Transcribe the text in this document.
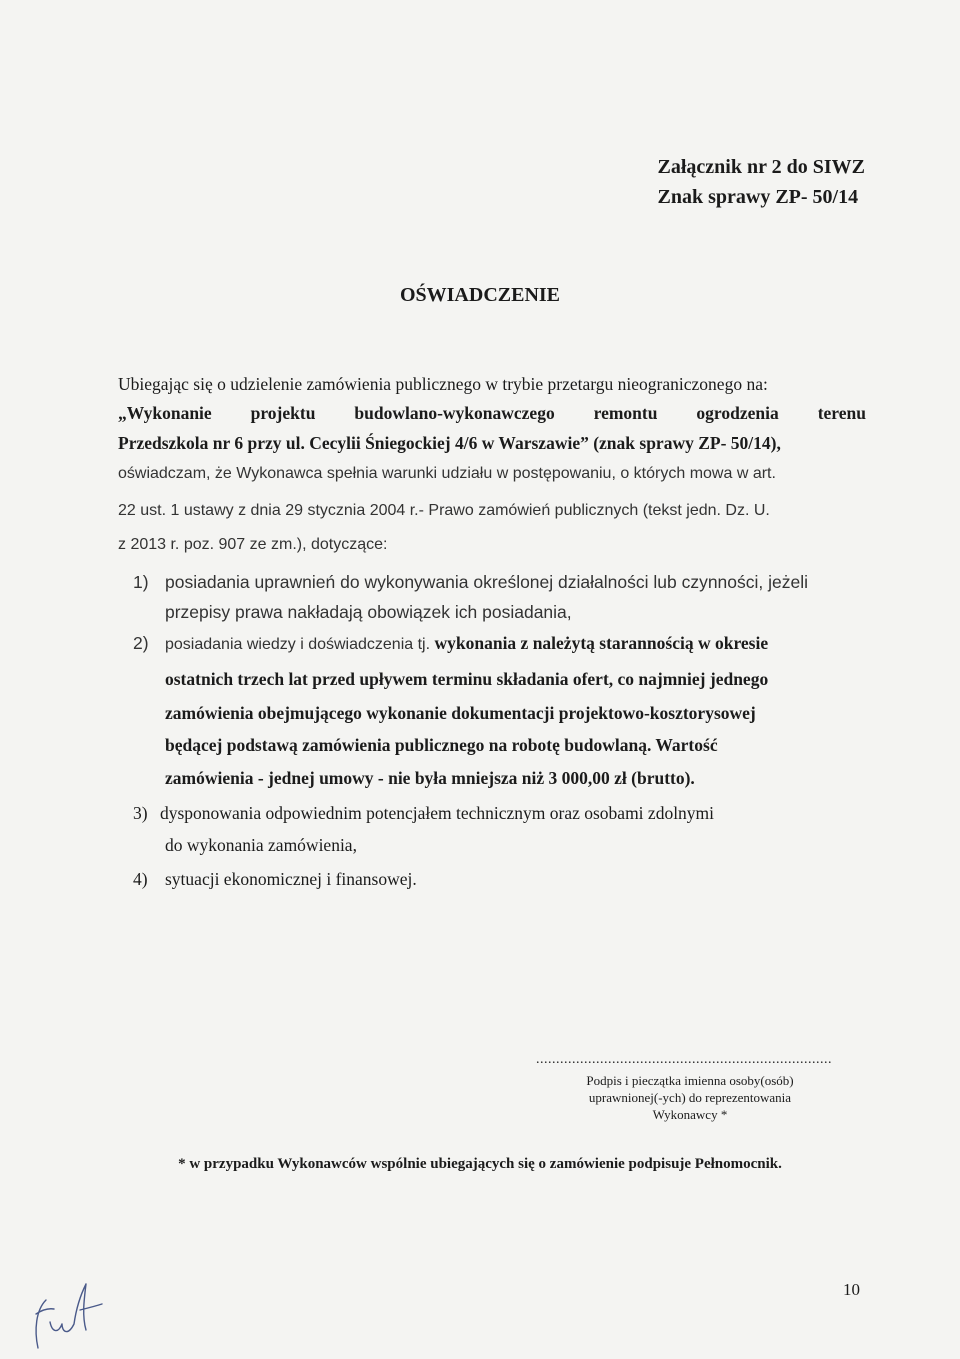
Załącznik nr 2 do SIWZ
Znak sprawy ZP- 50/14
OŚWIADCZENIE
Ubiegając się o udzielenie zamówienia publicznego w trybie przetargu nieograniczonego na:
„Wykonanie projektu budowlano-wykonawczego remontu ogrodzenia terenu
Przedszkola nr 6 przy ul. Cecylii Śniegockiej 4/6 w Warszawie” (znak sprawy ZP- 50/14),
oświadczam, że Wykonawca spełnia warunki udziału w postępowaniu, o których mowa w art.
22 ust. 1 ustawy z dnia 29 stycznia 2004 r.- Prawo zamówień publicznych (tekst jedn. Dz. U.
z 2013 r. poz. 907 ze zm.), dotyczące:
1) posiadania uprawnień do wykonywania określonej działalności lub czynności, jeżeli
przepisy prawa nakładają obowiązek ich posiadania,
2) posiadania wiedzy i doświadczenia tj. wykonania z należytą starannością w okresie
ostatnich trzech lat przed upływem terminu składania ofert, co najmniej jednego
zamówienia obejmującego wykonanie dokumentacji projektowo-kosztorysowej
będącej podstawą zamówienia publicznego na robotę budowlaną. Wartość
zamówienia - jednej umowy - nie była mniejsza niż 3 000,00 zł (brutto).
3) dysponowania odpowiednim potencjałem technicznym oraz osobami zdolnymi
do wykonania zamówienia,
4) sytuacji ekonomicznej i finansowej.
..........................................................................
Podpis i pieczątka imienna osoby(osób)
uprawnionej(-ych) do reprezentowania
Wykonawcy *
* w przypadku Wykonawców wspólnie ubiegających się o zamówienie podpisuje Pełnomocnik.
10
